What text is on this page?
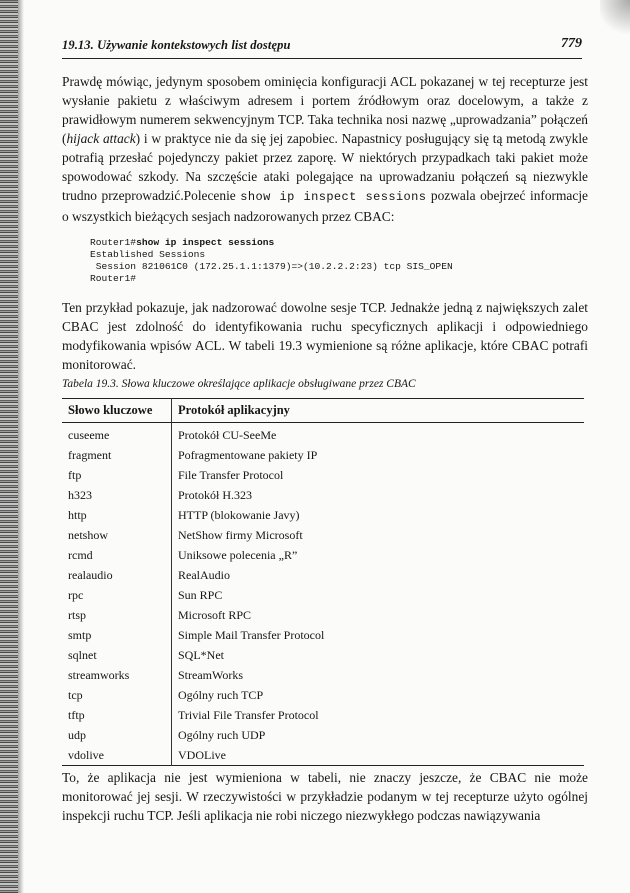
19.13. Używanie kontekstowych list dostępu	779

Prawdę mówiąc, jedynym sposobem ominięcia konfiguracji ACL pokazanej w tej recepturze jest wysłanie pakietu z właściwym adresem i portem źródłowym oraz docelowym, a także z prawidłowym numerem sekwencyjnym TCP. Taka technika nosi nazwę „uprowadzania” połączeń (hijack attack) i w praktyce nie da się jej zapobiec. Napastnicy posługujący się tą metodą zwykle potrafią przesłać pojedynczy pakiet przez zaporę. W niektórych przypadkach taki pakiet może spowodować szkody. Na szczęście ataki polegające na uprowadzaniu połączeń są niezwykle trudno przeprowadzić.Polecenie show ip inspect sessions pozwala obejrzeć informacje o wszystkich bieżących sesjach nadzorowanych przez CBAC:

Router1#show ip inspect sessions
Established Sessions
Session 821061C0 (172.25.1.1:1379)=>(10.2.2.2:23) tcp SIS_OPEN
Router1#

Ten przykład pokazuje, jak nadzorować dowolne sesje TCP. Jednakże jedną z największych zalet CBAC jest zdolność do identyfikowania ruchu specyficznych aplikacji i odpowiedniego modyfikowania wpisów ACL. W tabeli 19.3 wymienione są różne aplikacje, które CBAC potrafi monitorować.

Tabela 19.3. Słowa kluczowe określające aplikacje obsługiwane przez CBAC
Słowo kluczowe	Protokół aplikacyjny
cuseeme	Protokół CU-SeeMe
fragment	Pofragmentowane pakiety IP
ftp	File Transfer Protocol
h323	Protokół H.323
http	HTTP (blokowanie Javy)
netshow	NetShow firmy Microsoft
rcmd	Uniksowe polecenia „R”
realaudio	RealAudio
rpc	Sun RPC
rtsp	Microsoft RPC
smtp	Simple Mail Transfer Protocol
sqlnet	SQL*Net
streamworks	StreamWorks
tcp	Ogólny ruch TCP
tftp	Trivial File Transfer Protocol
udp	Ogólny ruch UDP
vdolive	VDOLive

To, że aplikacja nie jest wymieniona w tabeli, nie znaczy jeszcze, że CBAC nie może monitorować jej sesji. W rzeczywistości w przykładzie podanym w tej recepturze użyto ogólnej inspekcji ruchu TCP. Jeśli aplikacja nie robi niczego niezwykłego podczas nawiązywania
